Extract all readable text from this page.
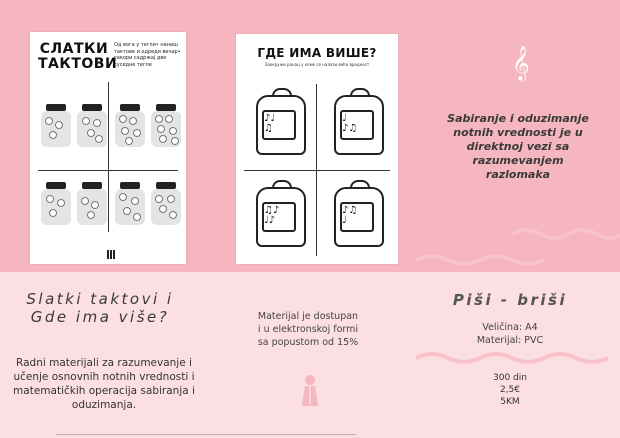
СЛАТКИ
ТАКТОВИ
Од вога у тегли• наниш тактове и одреди вечар• сакори садржај две суседне тегле
ГДЕ ИМА ВИШЕ?
Заокружи ранац у коме се налази већа вредност
♪♩
♫
♩
♪♫
♫♪
♩♪
♪♫
♩
𝄞
Sabiranje i oduzimanje notnih vrednosti je u direktnoj vezi sa razumevanjem razlomaka
Slatki taktovi i
Gde ima više?
Radni materijali za razumevanje i učenje osnovnih notnih vrednosti i matematičkih operacija sabiranja i oduzimanja.
Materijal je dostupan
i u elektronskoj formi
sa popustom od 15%
Piši - briši
Veličina: A4
Materijal: PVC
300 din
2,5€
5KM
